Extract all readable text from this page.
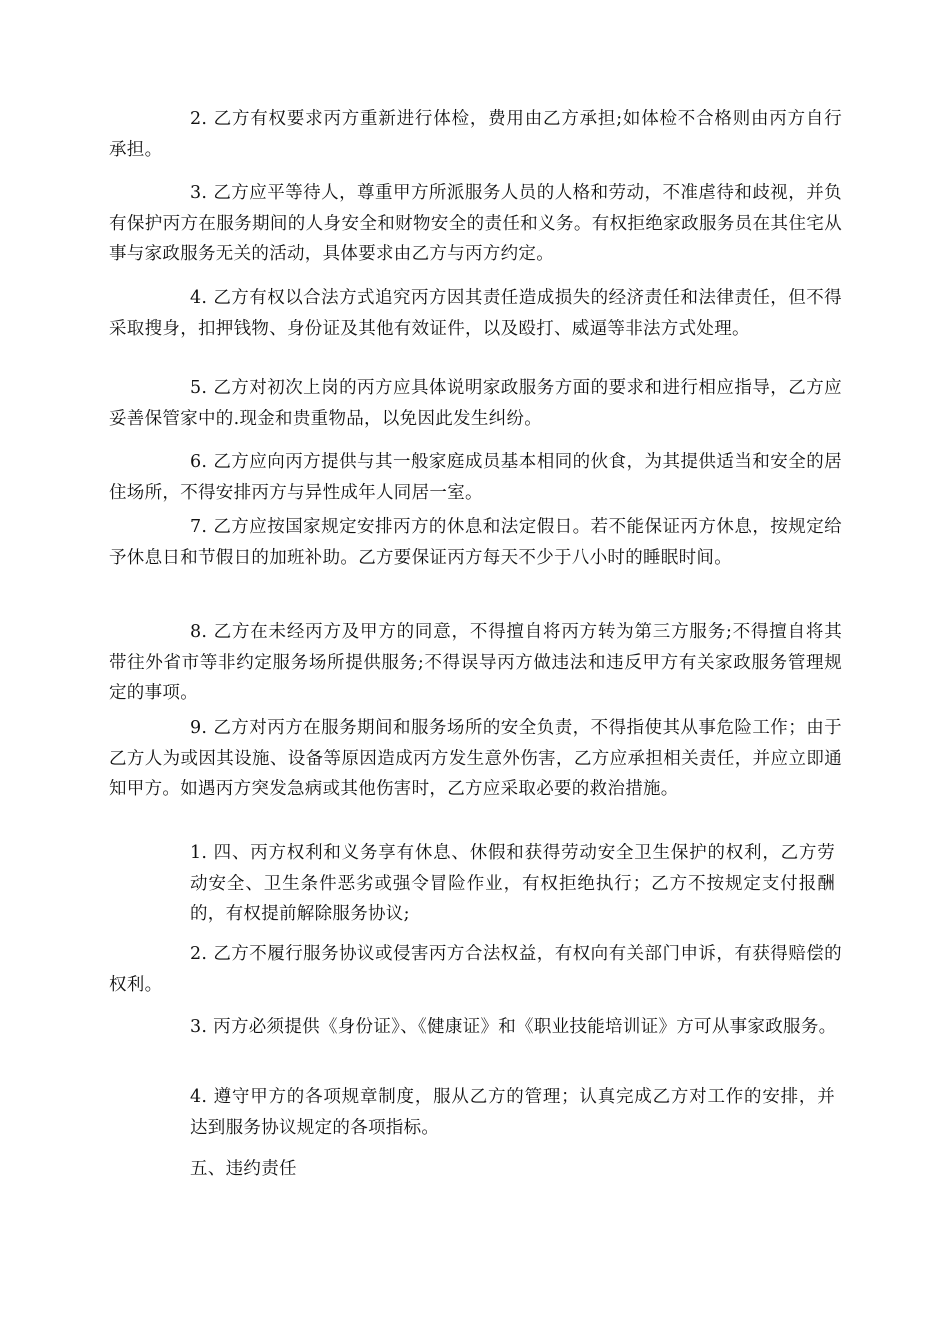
2. 乙方有权要求丙方重新进行体检，费用由乙方承担;如体检不合格则由丙方自行承担。

3. 乙方应平等待人，尊重甲方所派服务人员的人格和劳动，不准虐待和歧视，并负有保护丙方在服务期间的人身安全和财物安全的责任和义务。有权拒绝家政服务员在其住宅从事与家政服务无关的活动，具体要求由乙方与丙方约定。

4. 乙方有权以合法方式追究丙方因其责任造成损失的经济责任和法律责任，但不得采取搜身，扣押钱物、身份证及其他有效证件，以及殴打、威逼等非法方式处理。

5. 乙方对初次上岗的丙方应具体说明家政服务方面的要求和进行相应指导，乙方应妥善保管家中的.现金和贵重物品，以免因此发生纠纷。

6. 乙方应向丙方提供与其一般家庭成员基本相同的伙食，为其提供适当和安全的居住场所，不得安排丙方与异性成年人同居一室。

7. 乙方应按国家规定安排丙方的休息和法定假日。若不能保证丙方休息，按规定给予休息日和节假日的加班补助。乙方要保证丙方每天不少于八小时的睡眠时间。

8. 乙方在未经丙方及甲方的同意，不得擅自将丙方转为第三方服务;不得擅自将其带往外省市等非约定服务场所提供服务;不得误导丙方做违法和违反甲方有关家政服务管理规定的事项。

9. 乙方对丙方在服务期间和服务场所的安全负责，不得指使其从事危险工作；由于乙方人为或因其设施、设备等原因造成丙方发生意外伤害，乙方应承担相关责任，并应立即通知甲方。如遇丙方突发急病或其他伤害时，乙方应采取必要的救治措施。

1. 四、丙方权利和义务享有休息、休假和获得劳动安全卫生保护的权利，乙方劳动安全、卫生条件恶劣或强令冒险作业，有权拒绝执行；乙方不按规定支付报酬的，有权提前解除服务协议;

2. 乙方不履行服务协议或侵害丙方合法权益，有权向有关部门申诉，有获得赔偿的权利。

3. 丙方必须提供《身份证》、《健康证》和《职业技能培训证》方可从事家政服务。

4. 遵守甲方的各项规章制度，服从乙方的管理；认真完成乙方对工作的安排，并达到服务协议规定的各项指标。

五、违约责任
